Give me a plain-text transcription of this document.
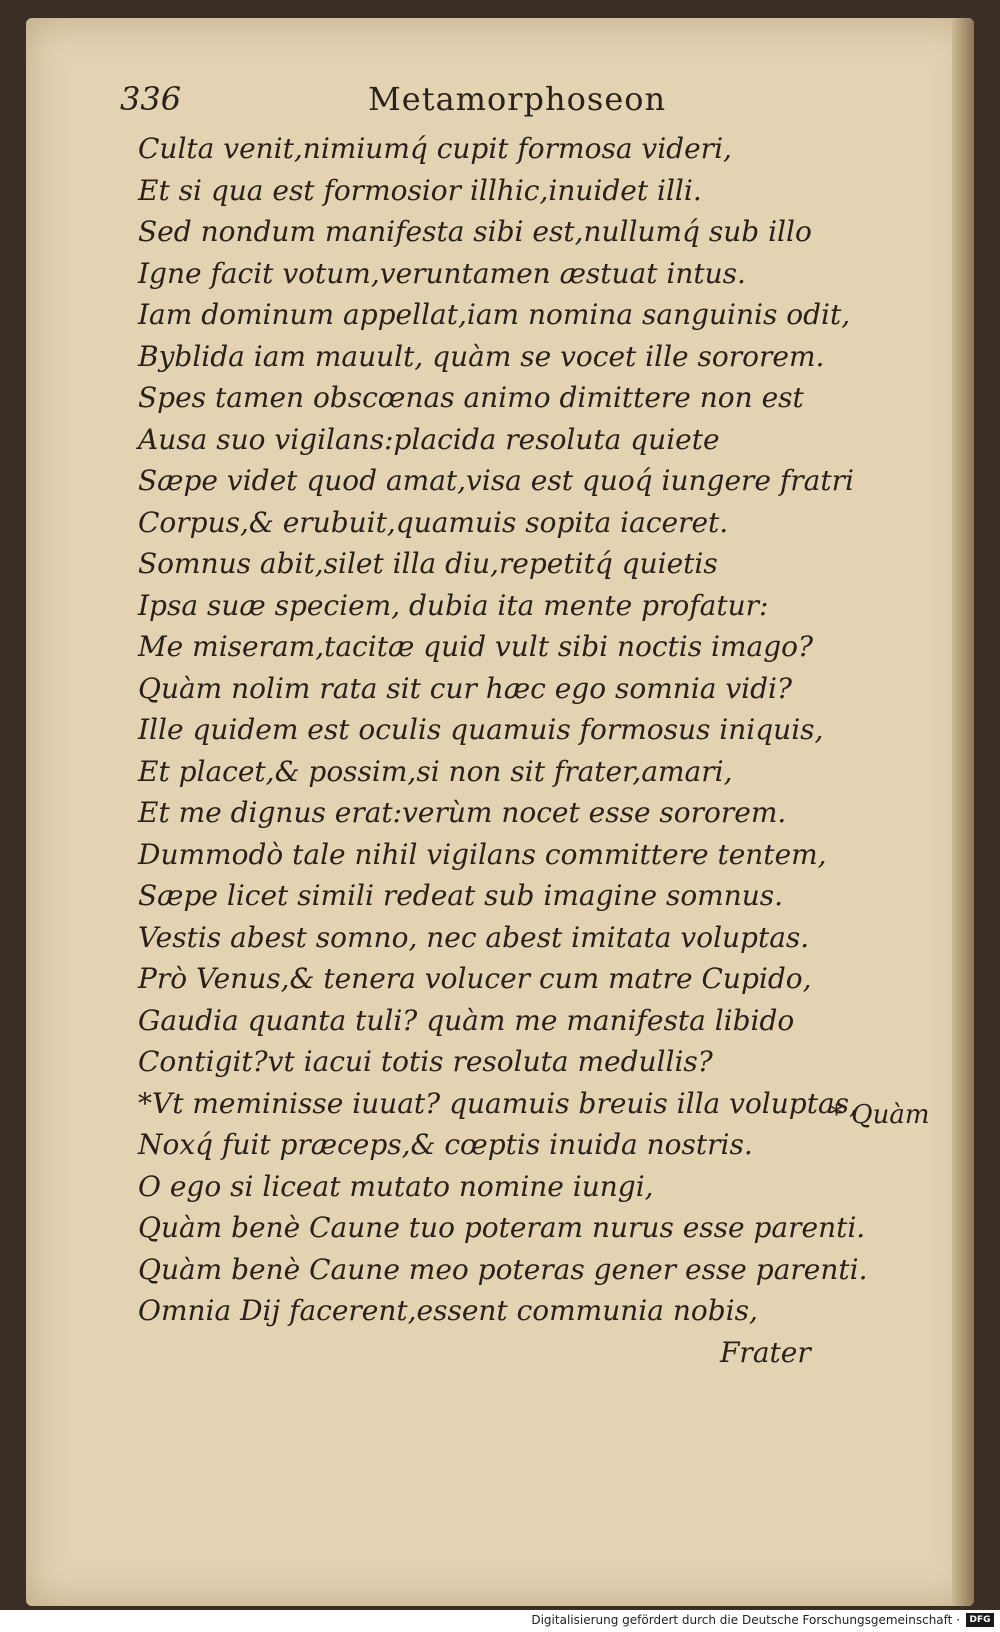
336	Metamorphoseon
Culta venit,nimiumq́ cupit formosa videri,
Et si qua est formosior illhic,inuidet illi.
Sed nondum manifesta sibi est,nullumq́ sub illo
Igne facit votum,veruntamen æstuat intus.
Iam dominum appellat,iam nomina sanguinis odit,
Byblida iam mauult, quàm se vocet ille sororem.
Spes tamen obscœnas animo dimittere non est
Ausa suo vigilans:placida resoluta quiete
Sæpe videt quod amat,visa est quoq́ iungere fratri
Corpus,& erubuit,quamuis sopita iaceret.
Somnus abit,silet illa diu,repetitq́ quietis
Ipsa suæ speciem, dubia ita mente profatur:
Me miseram,tacitæ quid vult sibi noctis imago?
Quàm nolim rata sit cur hæc ego somnia vidi?
Ille quidem est oculis quamuis formosus iniquis,
Et placet,& possim,si non sit frater,amari,
Et me dignus erat:verùm nocet esse sororem.
Dummodò tale nihil vigilans committere tentem,
Sæpe licet simili redeat sub imagine somnus.
Vestis abest somno, nec abest imitata voluptas.
Prò Venus,& tenera volucer cum matre Cupido,
Gaudia quanta tuli? quàm me manifesta libido
Contigit?vt iacui totis resoluta medullis?
*Vt meminisse iuuat? quamuis breuis illa voluptas,
Noxq́ fuit præceps,& cœptis inuida nostris.
O ego si liceat mutato nomine iungi,
Quàm benè Caune tuo poteram nurus esse parenti.
Quàm benè Caune meo poteras gener esse parenti.
Omnia Dij facerent,essent communia nobis,
* Quàm
Frater
Digitalisierung gefördert durch die Deutsche Forschungsgemeinschaft ·	DFG
